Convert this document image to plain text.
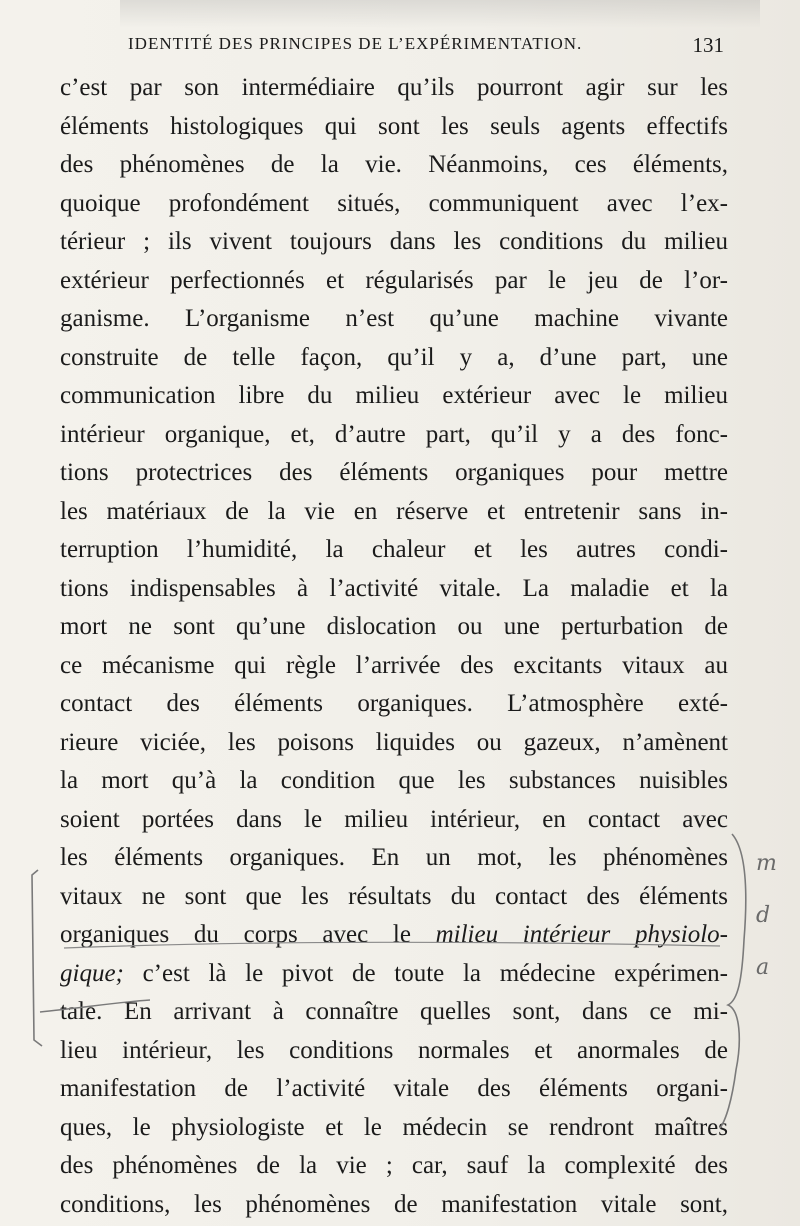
IDENTITÉ DES PRINCIPES DE L’EXPÉRIMENTATION.	131
c’est par son intermédiaire qu’ils pourront agir sur les
éléments histologiques qui sont les seuls agents effectifs
des phénomènes de la vie. Néanmoins, ces éléments,
quoique profondément situés, communiquent avec l’ex-
térieur ; ils vivent toujours dans les conditions du milieu
extérieur perfectionnés et régularisés par le jeu de l’or-
ganisme. L’organisme n’est qu’une machine vivante
construite de telle façon, qu’il y a, d’une part, une
communication libre du milieu extérieur avec le milieu
intérieur organique, et, d’autre part, qu’il y a des fonc-
tions protectrices des éléments organiques pour mettre
les matériaux de la vie en réserve et entretenir sans in-
terruption l’humidité, la chaleur et les autres condi-
tions indispensables à l’activité vitale. La maladie et la
mort ne sont qu’une dislocation ou une perturbation de
ce mécanisme qui règle l’arrivée des excitants vitaux au
contact des éléments organiques. L’atmosphère exté-
rieure viciée, les poisons liquides ou gazeux, n’amènent
la mort qu’à la condition que les substances nuisibles
soient portées dans le milieu intérieur, en contact avec
les éléments organiques. En un mot, les phénomènes
vitaux ne sont que les résultats du contact des éléments
organiques du corps avec le milieu intérieur physiolo-
gique; c’est là le pivot de toute la médecine expérimen-
tale. En arrivant à connaître quelles sont, dans ce mi-
lieu intérieur, les conditions normales et anormales de
manifestation de l’activité vitale des éléments organi-
ques, le physiologiste et le médecin se rendront maîtres
des phénomènes de la vie ; car, sauf la complexité des
conditions, les phénomènes de manifestation vitale sont,
m
d
a
